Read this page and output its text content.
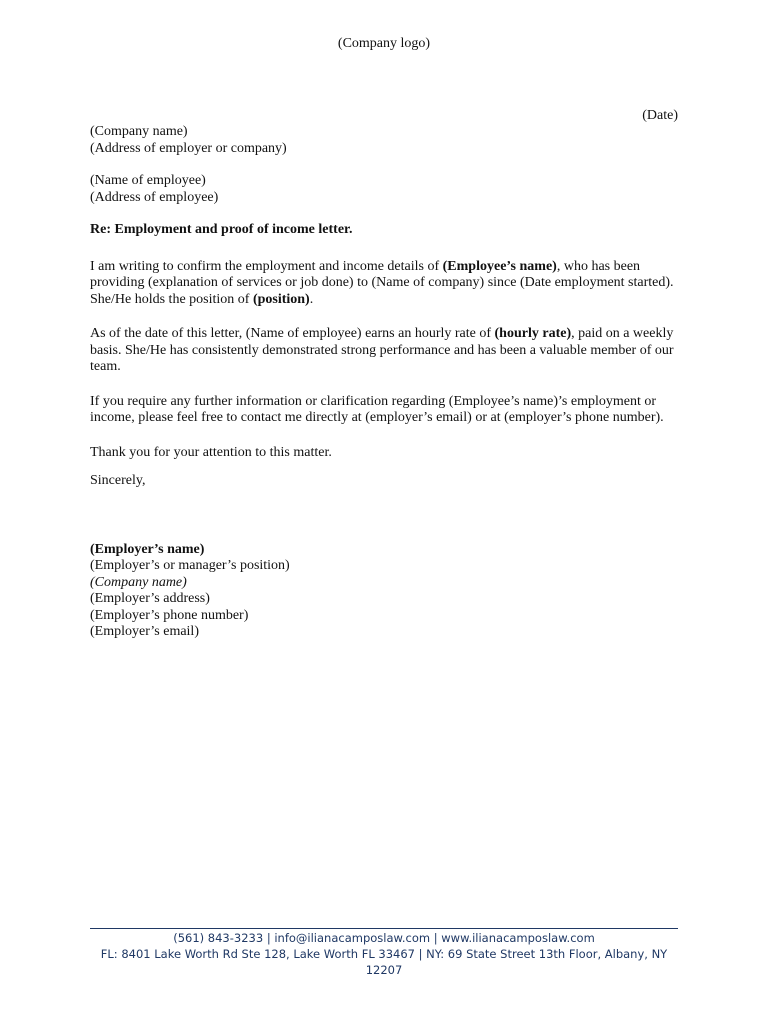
(Company logo)
(Date)
(Company name)
(Address of employer or company)
(Name of employee)
(Address of employee)

Re: Employment and proof of income letter.

I am writing to confirm the employment and income details of (Employee’s name), who has been providing (explanation of services or job done) to (Name of company) since (Date employment started). She/He holds the position of (position).

As of the date of this letter, (Name of employee) earns an hourly rate of (hourly rate), paid on a weekly basis. She/He has consistently demonstrated strong performance and has been a valuable member of our team.

If you require any further information or clarification regarding (Employee’s name)’s employment or income, please feel free to contact me directly at (employer’s email) or at (employer’s phone number).

Thank you for your attention to this matter.

Sincerely,

(Employer’s name)
(Employer’s or manager’s position)
(Company name)
(Employer’s address)
(Employer’s phone number)
(Employer’s email)
(561) 843-3233 | info@ilianacamposlaw.com | www.ilianacamposlaw.com
FL: 8401 Lake Worth Rd Ste 128, Lake Worth FL 33467 | NY: 69 State Street 13th Floor, Albany, NY 12207
